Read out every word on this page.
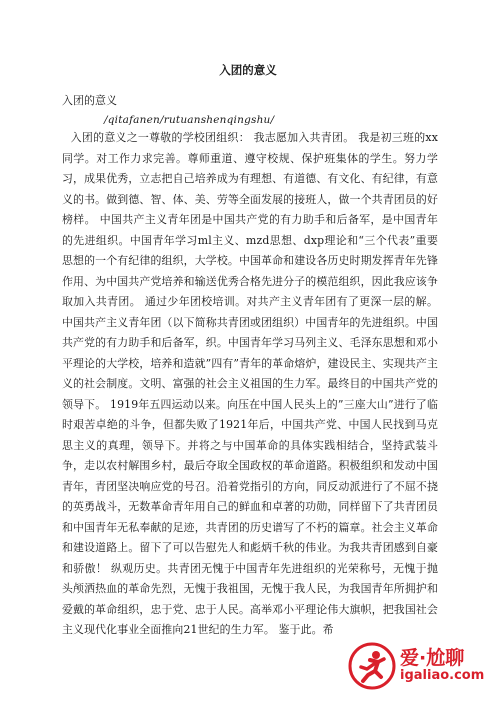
入团的意义
入团的意义
/qitafanen/rutuanshenqingshu/

入团的意义之一尊敬的学校团组织： 我志愿加入共青团。 我是初三班的xx同学。对工作力求完善。尊师重道、遵守校规、保护班集体的学生。努力学习，成果优秀，立志把自己培养成为有理想、有道德、有文化、有纪律，有意义的书。做到德、智、体、美、劳等全面发展的接班人，做一个共青团员的好榜样。 中国共产主义青年团是中国共产党的有力助手和后备军，是中国青年的先进组织。中国青年学习ml主义、mzd思想、dxp理论和“三个代表”重要思想的一个有纪律的组织，大学校。中国革命和建设各历史时期发挥青年先锋作用、为中国共产党培养和输送优秀合格先进分子的模范组织，因此我应该争取加入共青团。 通过少年团校培训。对共产主义青年团有了更深一层的解。中国共产主义青年团（以下简称共青团或团组织）中国青年的先进组织。中国共产党的有力助手和后备军，织。中国青年学习马列主义、毛泽东思想和邓小平理论的大学校，培养和造就”四有”青年的革命熔炉，建设民主、实现共产主义的社会制度。文明、富强的社会主义祖国的生力军。最终目的中国共产党的领导下。 1919年五四运动以来。向压在中国人民头上的”三座大山”进行了临时艰苦卓绝的斗争，但都失败了1921年后，中国共产党、中国人民找到马克思主义的真理，领导下。并将之与中国革命的具体实践相结合，坚持武装斗争，走以农村解围乡村，最后夺取全国政权的革命道路。积极组织和发动中国青年，青团坚决响应党的号召。沿着党指引的方向，同反动派进行了不屈不挠的英勇战斗，无数革命青年用自己的鲜血和卓著的功勋，同样留下了共青团员和中国青年无私奉献的足迹，共青团的历史谱写了不朽的篇章。社会主义革命和建设道路上。留下了可以告慰先人和彪炳千秋的伟业。为我共青团感到自豪和骄傲！ 纵观历史。共青团无愧于中国青年先进组织的光荣称号，无愧于抛头颅洒热血的革命先烈，无愧于我祖国，无愧于我人民，为我国青年所拥护和爱戴的革命组织，忠于党、忠于人民。高举邓小平理论伟大旗帜，把我国社会主义现代化事业全面推向21世纪的生力军。 鉴于此。希

爱·尬聊
igaliao.com
